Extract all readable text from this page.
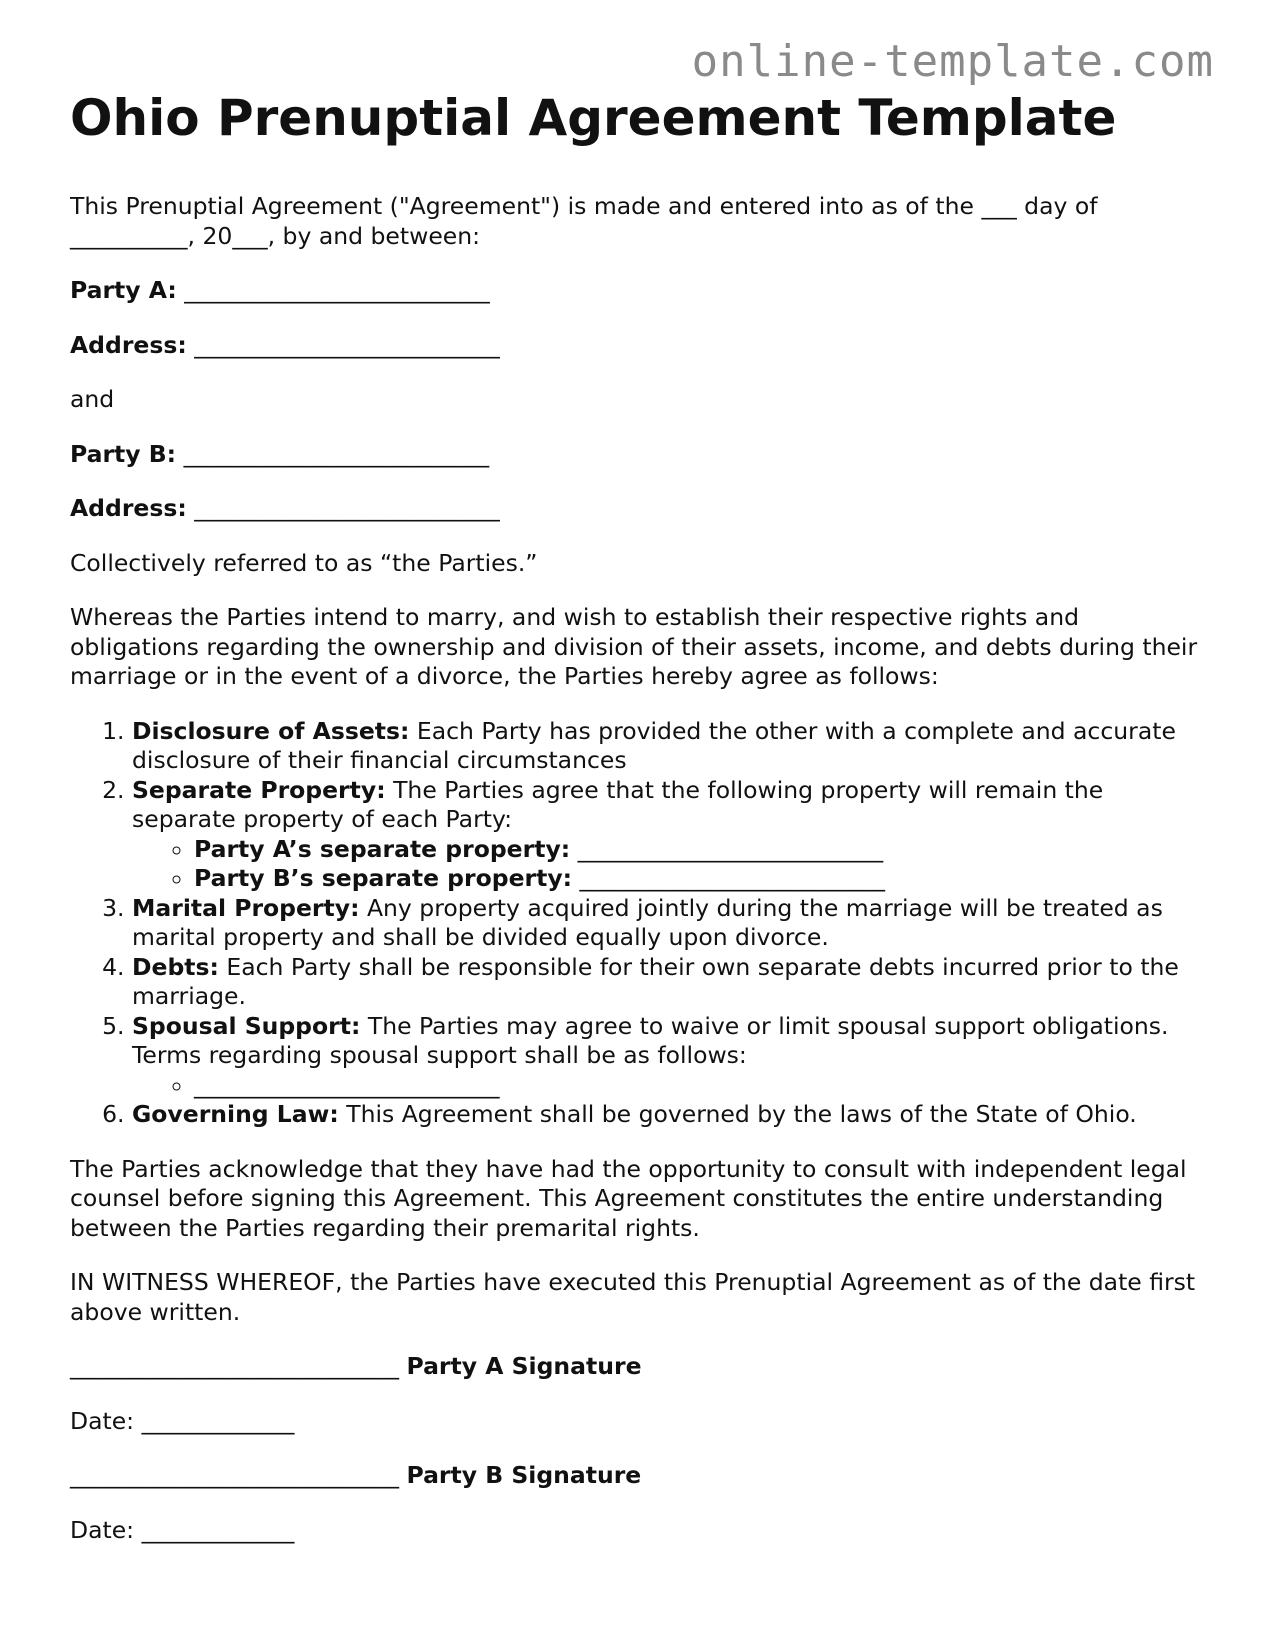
online-template.com
Ohio Prenuptial Agreement Template

This Prenuptial Agreement ("Agreement") is made and entered into as of the ___ day of __________, 20___, by and between:

Party A: __________________________

Address: __________________________

and

Party B: __________________________

Address: __________________________

Collectively referred to as “the Parties.”

Whereas the Parties intend to marry, and wish to establish their respective rights and obligations regarding the ownership and division of their assets, income, and debts during their marriage or in the event of a divorce, the Parties hereby agree as follows:

1. Disclosure of Assets: Each Party has provided the other with a complete and accurate disclosure of their financial circumstances
2. Separate Property: The Parties agree that the following property will remain the separate property of each Party:
◦ Party A’s separate property: __________________________
◦ Party B’s separate property: __________________________
3. Marital Property: Any property acquired jointly during the marriage will be treated as marital property and shall be divided equally upon divorce.
4. Debts: Each Party shall be responsible for their own separate debts incurred prior to the marriage.
5. Spousal Support: The Parties may agree to waive or limit spousal support obligations. Terms regarding spousal support shall be as follows:
◦ __________________________
6. Governing Law: This Agreement shall be governed by the laws of the State of Ohio.

The Parties acknowledge that they have had the opportunity to consult with independent legal counsel before signing this Agreement. This Agreement constitutes the entire understanding between the Parties regarding their premarital rights.

IN WITNESS WHEREOF, the Parties have executed this Prenuptial Agreement as of the date first above written.

____________________________ Party A Signature

Date: _____________

____________________________ Party B Signature

Date: _____________
